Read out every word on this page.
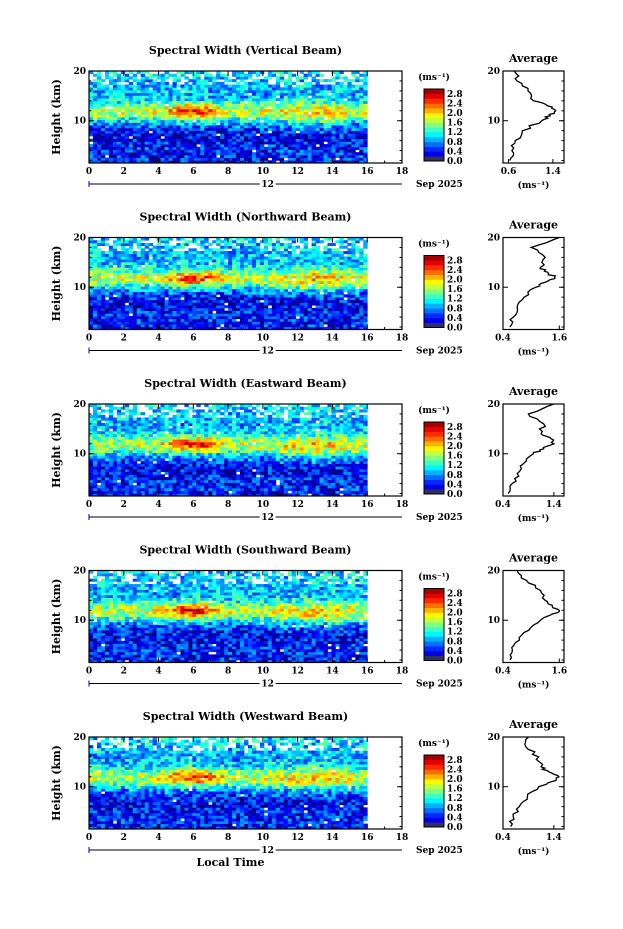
Spectral Width (Vertical Beam)
10
20
Height (km)
0	2	4	6	8	10 12 14 16 18
12	Sep 2025
(ms⁻¹)
0.0
0.4
0.8
1.2
1.6
2.0
2.4
2.8
Average
10
20
0.6	1.4
(ms⁻¹)
Spectral Width (Northward Beam)
10
20
Height (km)
0	2	4	6	8	10 12 14 16 18
12	Sep 2025
(ms⁻¹)
0.0
0.4
0.8
1.2
1.6
2.0
2.4
2.8
Average
10
20
0.4	1.6
(ms⁻¹)
Spectral Width (Eastward Beam)
10
20
Height (km)
0	2	4	6	8	10 12 14 16 18
12	Sep 2025
(ms⁻¹)
0.0
0.4
0.8
1.2
1.6
2.0
2.4
2.8
Average
10
20
0.4	1.4
(ms⁻¹)
Spectral Width (Southward Beam)
10
20
Height (km)
0	2	4	6	8	10 12 14 16 18
12	Sep 2025
(ms⁻¹)
0.0
0.4
0.8
1.2
1.6
2.0
2.4
2.8
Average
10
20
0.4	1.6
(ms⁻¹)
Spectral Width (Westward Beam)
10
20
Height (km)
0	2	4	6	8	10 12 14 16 18
12	Sep 2025
Local Time
(ms⁻¹)
0.0
0.4
0.8
1.2
1.6
2.0
2.4
2.8
Average
10
20
0.4	1.4
(ms⁻¹)
